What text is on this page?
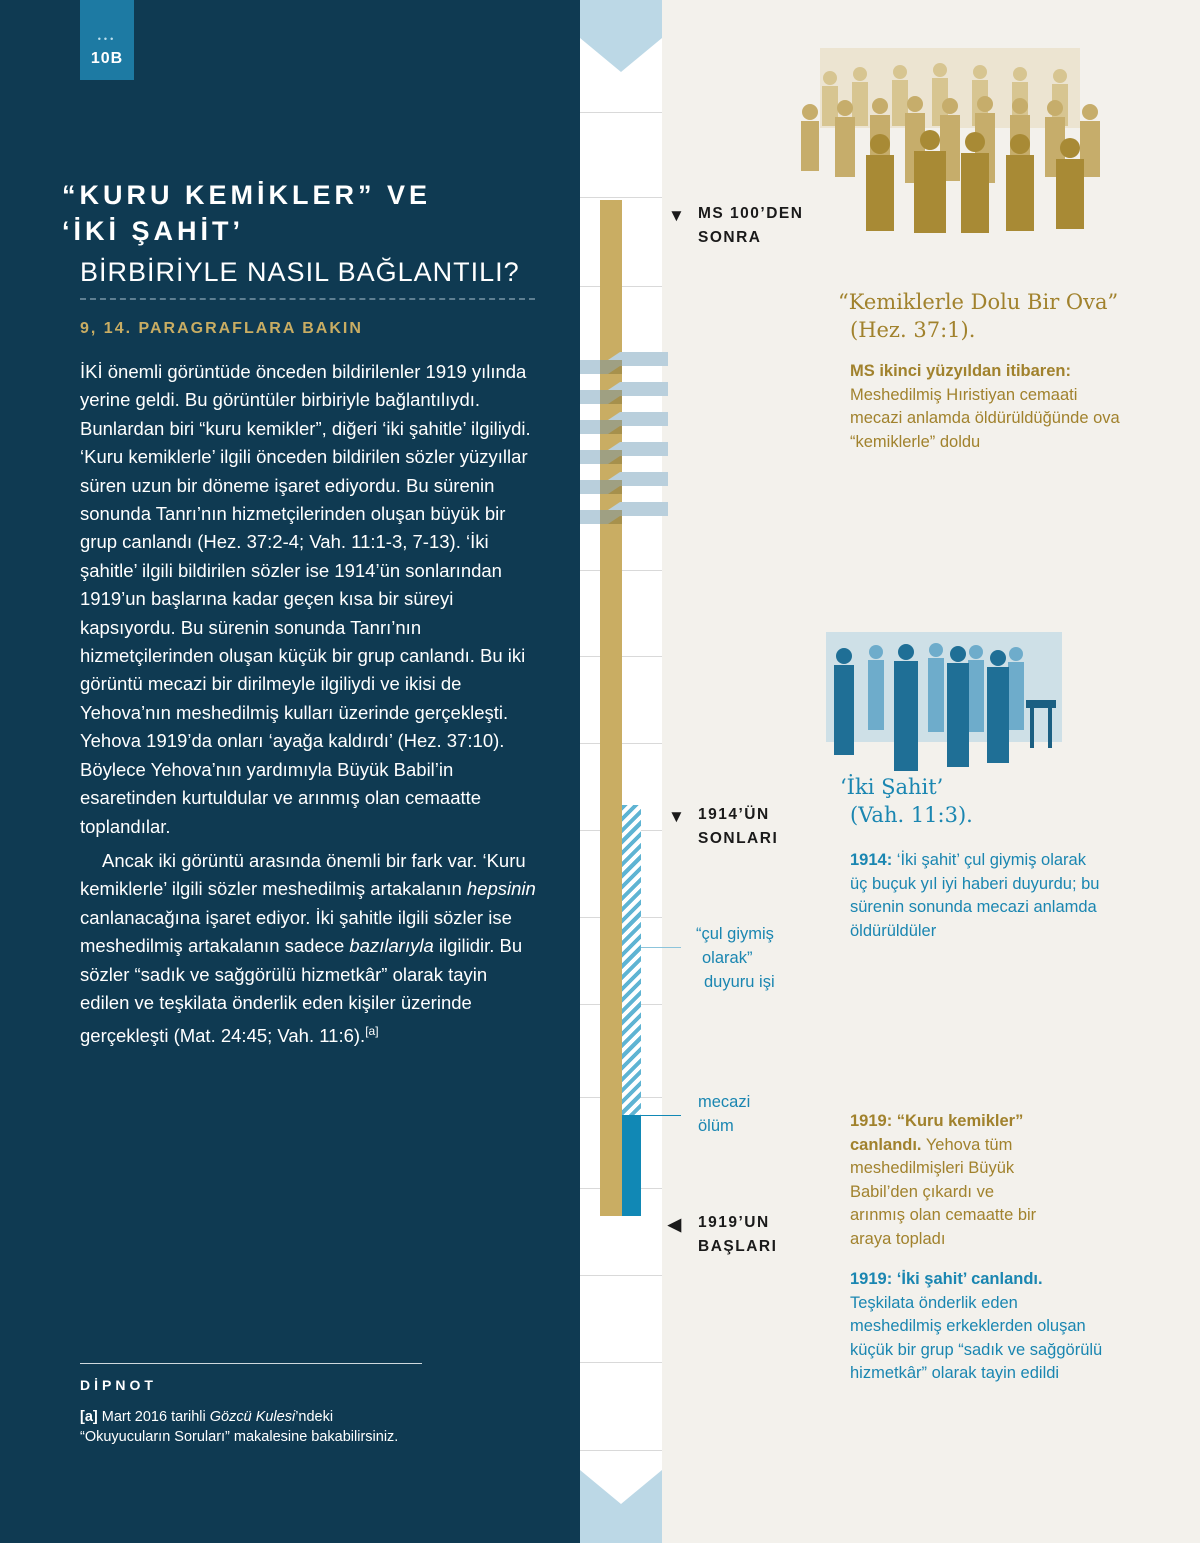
•••
10B
“KURU KEMİKLER” VE
‘İKİ ŞAHİT’
BİRBİRİYLE NASIL BAĞLANTILI?
9, 14. PARAGRAFLARA BAKIN

İKİ önemli görüntüde önceden bildirilenler 1919 yılında yerine geldi. Bu görüntüler birbiriyle bağlantılıydı. Bunlardan biri “kuru kemikler”, diğeri ‘iki şahitle’ ilgiliydi. ‘Kuru kemiklerle’ ilgili önceden bildirilen sözler yüzyıllar süren uzun bir döneme işaret ediyordu. Bu sürenin sonunda Tanrı’nın hizmetçilerinden oluşan büyük bir grup canlandı (Hez. 37:2-4; Vah. 11:1-3, 7-13). ‘İki şahitle’ ilgili bildirilen sözler ise 1914’ün sonlarından 1919’un başlarına kadar geçen kısa bir süreyi kapsıyordu. Bu sürenin sonunda Tanrı’nın hizmetçilerinden oluşan küçük bir grup canlandı. Bu iki görüntü mecazi bir dirilmeyle ilgiliydi ve ikisi de Yehova’nın meshedilmiş kulları üzerinde gerçekleşti. Yehova 1919’da onları ‘ayağa kaldırdı’ (Hez. 37:10). Böylece Yehova’nın yardımıyla Büyük Babil’in esaretinden kurtuldular ve arınmış olan cemaatte toplandılar.

Ancak iki görüntü arasında önemli bir fark var. ‘Kuru kemiklerle’ ilgili sözler meshedilmiş artakalanın hepsinin canlanacağına işaret ediyor. İki şahitle ilgili sözler ise meshedilmiş artakalanın sadece bazılarıyla ilgilidir. Bu sözler “sadık ve sağgörülü hizmetkâr” olarak tayin edilen ve teşkilata önderlik eden kişiler üzerinde gerçekleşti (Mat. 24:45; Vah. 11:6).[a]

DİPNOT
[a] Mart 2016 tarihli Gözcü Kulesi’ndeki “Okuyucuların Soruları” makalesine bakabilirsiniz.
▼ MS 100’DEN
SONRA
▼ 1914’ÜN
SONLARI
◀ 1919’UN
BAŞLARI
“çul giymiş
olarak”
duyuru işi
mecazi
ölüm
“Kemiklerle Dolu Bir Ova”
(Hez. 37:1).
MS ikinci yüzyıldan itibaren:
Meshedilmiş Hıristiyan cemaati mecazi anlamda öldürüldüğünde ova “kemiklerle” doldu
‘İki Şahit’
(Vah. 11:3).
1914: ‘İki şahit’ çul giymiş olarak üç buçuk yıl iyi haberi duyurdu; bu sürenin sonunda mecazi anlamda öldürüldüler
1919: “Kuru kemikler” canlandı. Yehova tüm meshedilmişleri Büyük Babil’den çıkardı ve arınmış olan cemaatte bir araya topladı
1919: ‘İki şahit’ canlandı. Teşkilata önderlik eden meshedilmiş erkeklerden oluşan küçük bir grup “sadık ve sağgörülü hizmetkâr” olarak tayin edildi
